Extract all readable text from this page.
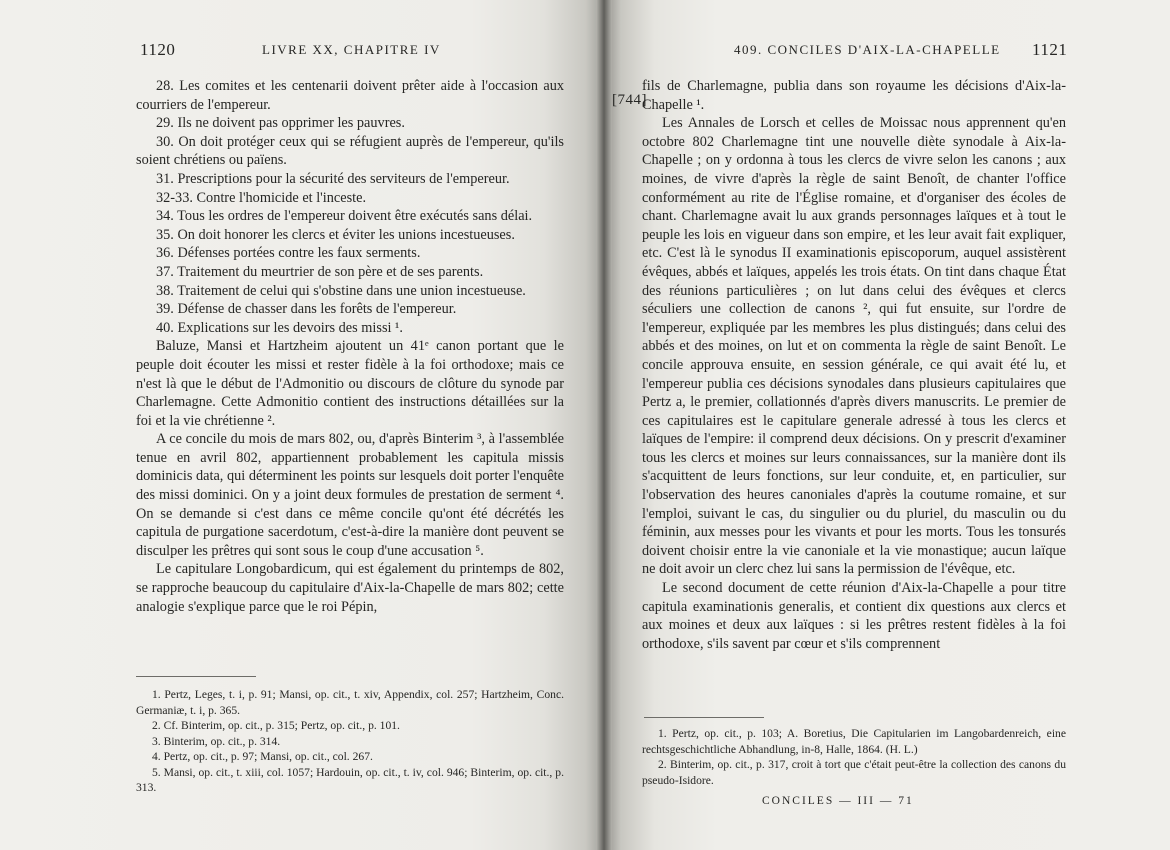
1120	LIVRE XX, CHAPITRE IV

28. Les comites et les centenarii doivent prêter aide à l'occasion aux courriers de l'empereur.

29. Ils ne doivent pas opprimer les pauvres.

30. On doit protéger ceux qui se réfugient auprès de l'empereur, qu'ils soient chrétiens ou païens.

31. Prescriptions pour la sécurité des serviteurs de l'empereur.

32-33. Contre l'homicide et l'inceste.

34. Tous les ordres de l'empereur doivent être exécutés sans délai.

35. On doit honorer les clercs et éviter les unions incestueuses.

36. Défenses portées contre les faux serments.

37. Traitement du meurtrier de son père et de ses parents.

38. Traitement de celui qui s'obstine dans une union incestueuse.

39. Défense de chasser dans les forêts de l'empereur.

40. Explications sur les devoirs des missi ¹.

Baluze, Mansi et Hartzheim ajoutent un 41ᵉ canon portant que le peuple doit écouter les missi et rester fidèle à la foi orthodoxe; mais ce n'est là que le début de l'Admonitio ou discours de clôture du synode par Charlemagne. Cette Admonitio contient des instructions détaillées sur la foi et la vie chrétienne ².

A ce concile du mois de mars 802, ou, d'après Binterim ³, à l'assemblée tenue en avril 802, appartiennent probablement les capitula missis dominicis data, qui déterminent les points sur lesquels doit porter l'enquête des missi dominici. On y a joint deux formules de prestation de serment ⁴. On se demande si c'est dans ce même concile qu'ont été décrétés les capitula de purgatione sacerdotum, c'est-à-dire la manière dont peuvent se disculper les prêtres qui sont sous le coup d'une accusation ⁵.

Le capitulare Longobardicum, qui est également du printemps de 802, se rapproche beaucoup du capitulaire d'Aix-la-Chapelle de mars 802; cette analogie s'explique parce que le roi Pépin,

1. Pertz, Leges, t. i, p. 91; Mansi, op. cit., t. xiv, Appendix, col. 257; Hartzheim, Conc. Germaniæ, t. i, p. 365.

2. Cf. Binterim, op. cit., p. 315; Pertz, op. cit., p. 101.

3. Binterim, op. cit., p. 314.

4. Pertz, op. cit., p. 97; Mansi, op. cit., col. 267.

5. Mansi, op. cit., t. xiii, col. 1057; Hardouin, op. cit., t. iv, col. 946; Binterim, op. cit., p. 313.

409. CONCILES D'AIX-LA-CHAPELLE 1121
[744]

fils de Charlemagne, publia dans son royaume les décisions d'Aix-la-Chapelle ¹.

Les Annales de Lorsch et celles de Moissac nous apprennent qu'en octobre 802 Charlemagne tint une nouvelle diète synodale à Aix-la-Chapelle ; on y ordonna à tous les clercs de vivre selon les canons ; aux moines, de vivre d'après la règle de saint Benoît, de chanter l'office conformément au rite de l'Église romaine, et d'organiser des écoles de chant. Charlemagne avait lu aux grands personnages laïques et à tout le peuple les lois en vigueur dans son empire, et les leur avait fait expliquer, etc. C'est là le synodus II examinationis episcoporum, auquel assistèrent évêques, abbés et laïques, appelés les trois états. On tint dans chaque État des réunions particulières ; on lut dans celui des évêques et clercs séculiers une collection de canons ², qui fut ensuite, sur l'ordre de l'empereur, expliquée par les membres les plus distingués; dans celui des abbés et des moines, on lut et on commenta la règle de saint Benoît. Le concile approuva ensuite, en session générale, ce qui avait été lu, et l'empereur publia ces décisions synodales dans plusieurs capitulaires que Pertz a, le premier, collationnés d'après divers manuscrits. Le premier de ces capitulaires est le capitulare generale adressé à tous les clercs et laïques de l'empire: il comprend deux décisions. On y prescrit d'examiner tous les clercs et moines sur leurs connaissances, sur la manière dont ils s'acquittent de leurs fonctions, sur leur conduite, et, en particulier, sur l'observation des heures canoniales d'après la coutume romaine, et sur l'emploi, suivant le cas, du singulier ou du pluriel, du masculin ou du féminin, aux messes pour les vivants et pour les morts. Tous les tonsurés doivent choisir entre la vie canoniale et la vie monastique; aucun laïque ne doit avoir un clerc chez lui sans la permission de l'évêque, etc.

Le second document de cette réunion d'Aix-la-Chapelle a pour titre capitula examinationis generalis, et contient dix questions aux clercs et aux moines et deux aux laïques : si les prêtres restent fidèles à la foi orthodoxe, s'ils savent par cœur et s'ils comprennent

1. Pertz, op. cit., p. 103; A. Boretius, Die Capitularien im Langobardenreich, eine rechtsgeschichtliche Abhandlung, in-8, Halle, 1864. (H. L.)

2. Binterim, op. cit., p. 317, croit à tort que c'était peut-être la collection des canons du pseudo-Isidore.

CONCILES — III — 71
